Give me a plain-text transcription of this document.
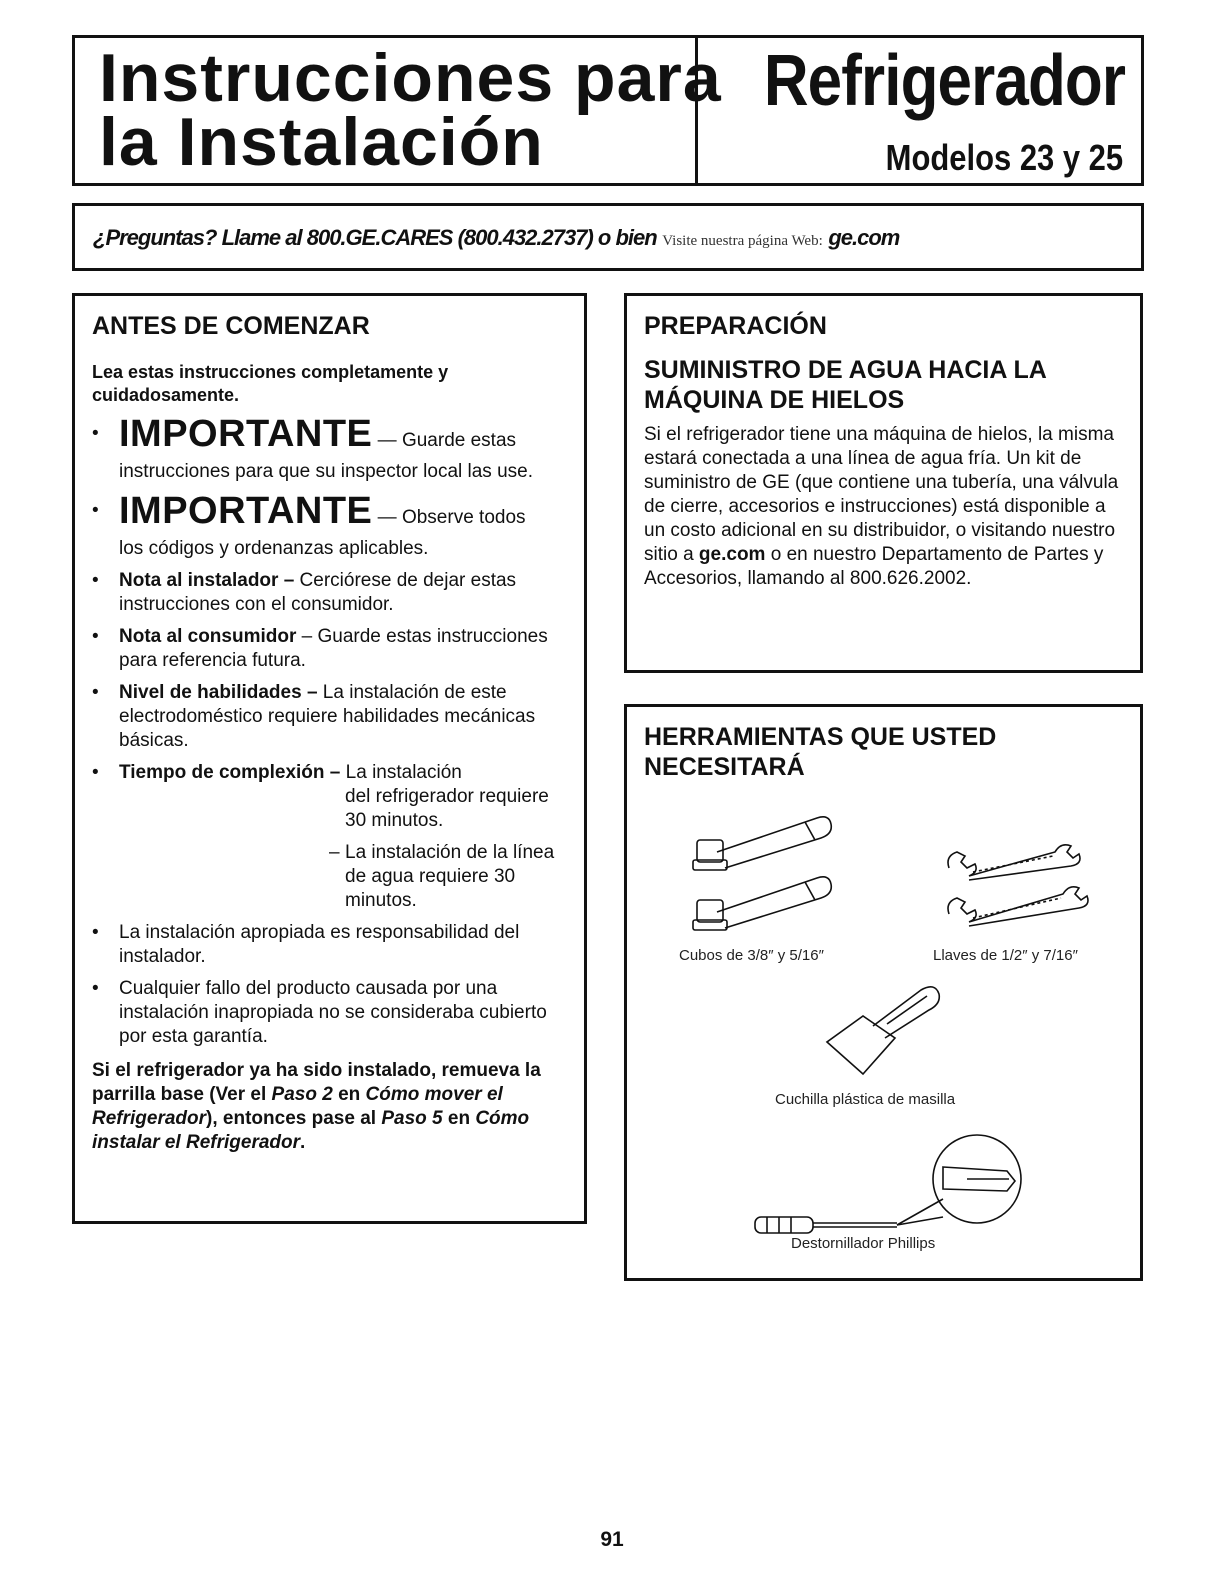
Instrucciones para
la Instalación
Refrigerador
Modelos 23 y 25
¿Preguntas? Llame al 800.GE.CARES (800.432.2737) o bien Visite nuestra página Web: ge.com
ANTES DE COMENZAR
Lea estas instrucciones completamente y cuidadosamente.
• IMPORTANTE — Guarde estas
instrucciones para que su inspector local las use.
• IMPORTANTE — Observe todos
los códigos y ordenanzas aplicables.
• Nota al instalador – Cerciórese de dejar estas instrucciones con el consumidor.
• Nota al consumidor – Guarde estas instrucciones para referencia futura.
• Nivel de habilidades – La instalación de este electrodoméstico requiere habilidades mecánicas básicas.
• Tiempo de complexión – La instalación
del refrigerador requiere 30 minutos.
– La instalación de la línea de agua requiere 30 minutos.
• La instalación apropiada es responsabilidad del instalador.
• Cualquier fallo del producto causada por una instalación inapropiada no se consideraba cubierto por esta garantía.
Si el refrigerador ya ha sido instalado, remueva la parrilla base (Ver el Paso 2 en Cómo mover el Refrigerador), entonces pase al Paso 5 en Cómo instalar el Refrigerador.
PREPARACIÓN
SUMINISTRO DE AGUA HACIA LA MÁQUINA DE HIELOS
Si el refrigerador tiene una máquina de hielos, la misma estará conectada a una línea de agua fría. Un kit de suministro de GE (que contiene una tubería, una válvula de cierre, accesorios e instrucciones) está disponible a un costo adicional en su distribuidor, o visitando nuestro sitio a ge.com o en nuestro Departamento de Partes y Accesorios, llamando al 800.626.2002.
HERRAMIENTAS QUE USTED NECESITARÁ
Cubos de 3/8″ y 5/16″	Llaves de 1/2″ y 7/16″
Cuchilla plástica de masilla
Destornillador Phillips
91
